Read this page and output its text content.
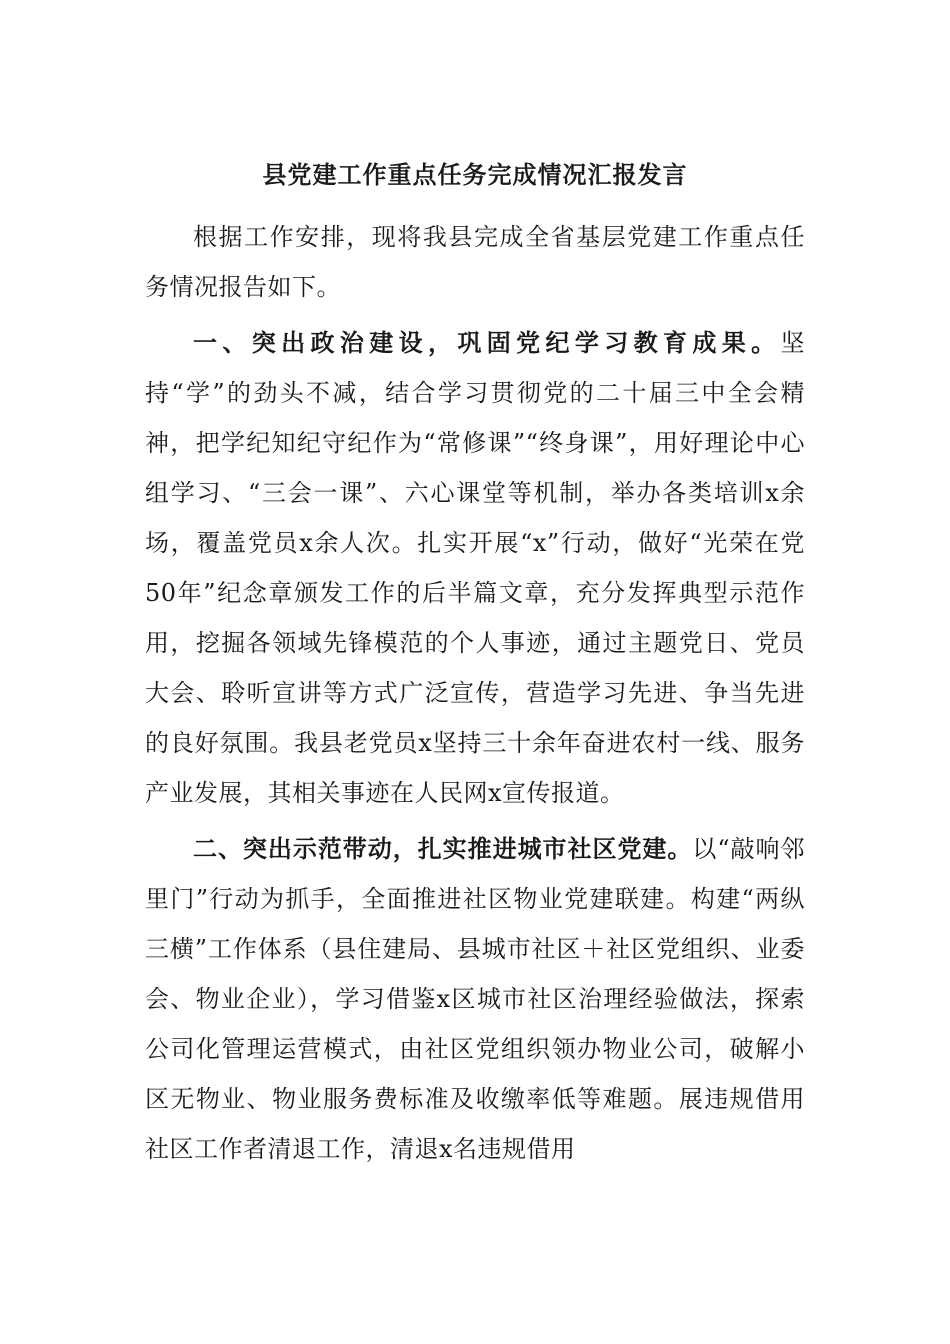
县党建工作重点任务完成情况汇报发言

根据工作安排，现将我县完成全省基层党建工作重点任务情况报告如下。

一、突出政治建设，巩固党纪学习教育成果。坚持“学”的劲头不减，结合学习贯彻党的二十届三中全会精神，把学纪知纪守纪作为“常修课”“终身课”，用好理论中心组学习、“三会一课”、六心课堂等机制，举办各类培训x余场，覆盖党员x余人次。扎实开展“x”行动，做好“光荣在党50年”纪念章颁发工作的后半篇文章，充分发挥典型示范作用，挖掘各领域先锋模范的个人事迹，通过主题党日、党员大会、聆听宣讲等方式广泛宣传，营造学习先进、争当先进的良好氛围。我县老党员x坚持三十余年奋进农村一线、服务产业发展，其相关事迹在人民网x宣传报道。

二、突出示范带动，扎实推进城市社区党建。以“敲响邻里门”行动为抓手，全面推进社区物业党建联建。构建“两纵三横”工作体系（县住建局、县城市社区＋社区党组织、业委会、物业企业），学习借鉴x区城市社区治理经验做法，探索公司化管理运营模式，由社区党组织领办物业公司，破解小区无物业、物业服务费标准及收缴率低等难题。展违规借用社区工作者清退工作，清退x名违规借用
